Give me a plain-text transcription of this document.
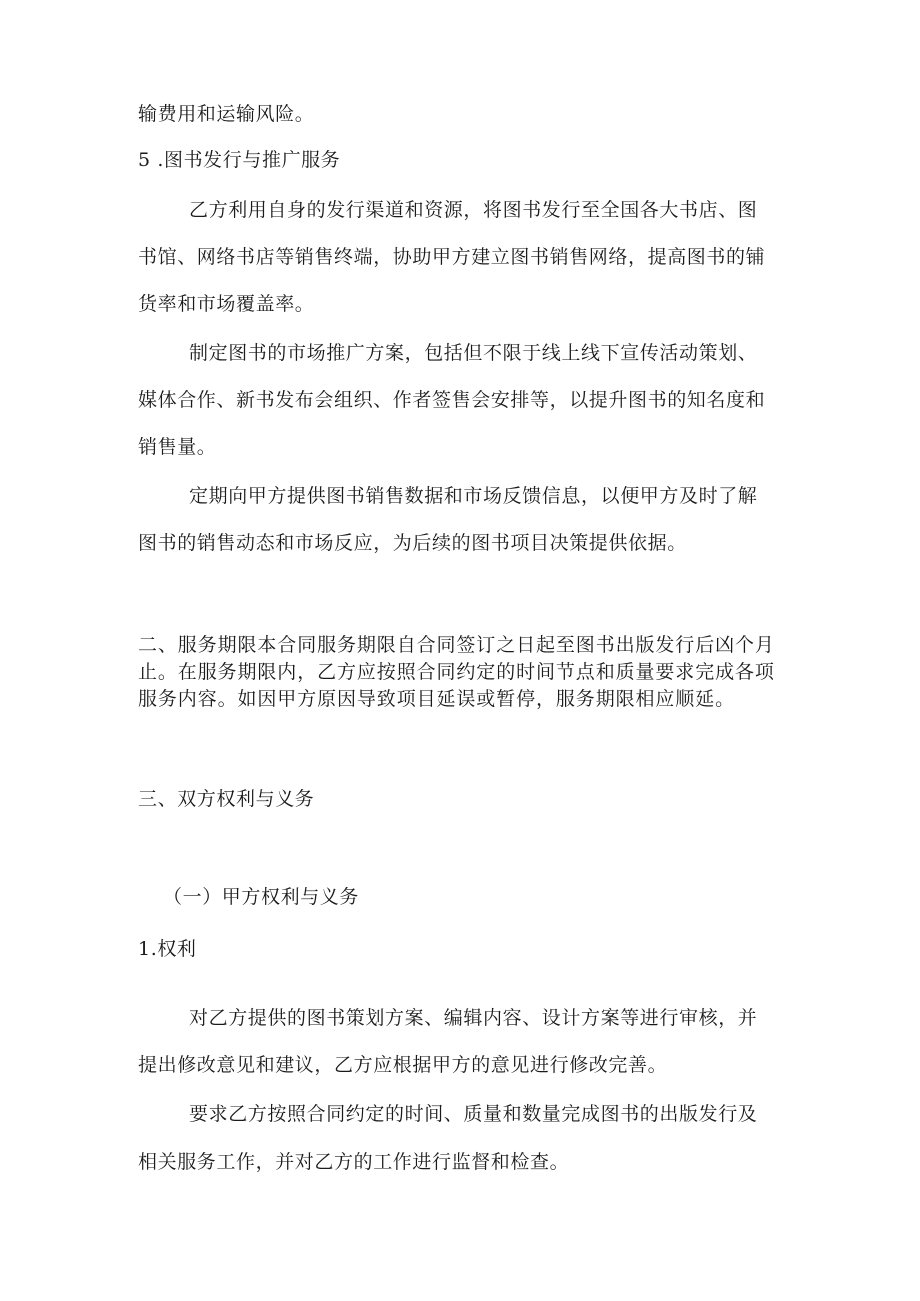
输费用和运输风险。
5 .图书发行与推广服务
乙方利用自身的发行渠道和资源，将图书发行至全国各大书店、图
书馆、网络书店等销售终端，协助甲方建立图书销售网络，提高图书的铺
货率和市场覆盖率。
制定图书的市场推广方案，包括但不限于线上线下宣传活动策划、
媒体合作、新书发布会组织、作者签售会安排等，以提升图书的知名度和
销售量。
定期向甲方提供图书销售数据和市场反馈信息，以便甲方及时了解
图书的销售动态和市场反应，为后续的图书项目决策提供依据。
二、服务期限本合同服务期限自合同签订之日起至图书出版发行后凶个月
止。在服务期限内，乙方应按照合同约定的时间节点和质量要求完成各项
服务内容。如因甲方原因导致项目延误或暂停，服务期限相应顺延。
三、双方权利与义务
（一）甲方权利与义务
1.权利
对乙方提供的图书策划方案、编辑内容、设计方案等进行审核，并
提出修改意见和建议，乙方应根据甲方的意见进行修改完善。
要求乙方按照合同约定的时间、质量和数量完成图书的出版发行及
相关服务工作，并对乙方的工作进行监督和检查。
